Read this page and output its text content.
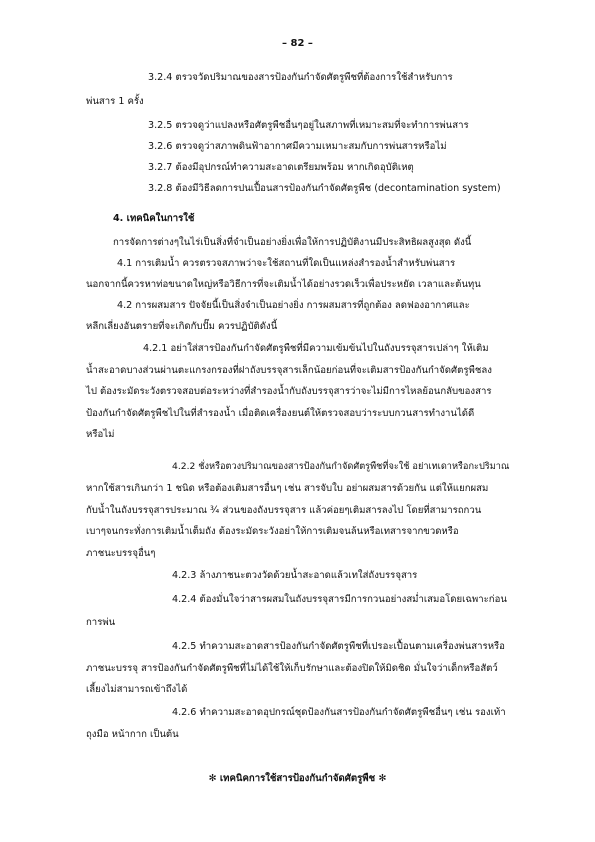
– 82 –
3.2.4 ตรวจวัดปริมาณของสารป้องกันกำจัดศัตรูพืชที่ต้องการใช้สำหรับการ
พ่นสาร 1 ครั้ง
3.2.5 ตรวจดูว่าแปลงหรือศัตรูพืชอื่นๆอยู่ในสภาพที่เหมาะสมที่จะทำการพ่นสาร
3.2.6 ตรวจดูว่าสภาพดินฟ้าอากาศมีความเหมาะสมกับการพ่นสารหรือไม่
3.2.7 ต้องมีอุปกรณ์ทำความสะอาดเตรียมพร้อม หากเกิดอุบัติเหตุ
3.2.8 ต้องมีวิธีลดการปนเปื้อนสารป้องกันกำจัดศัตรูพืช (decontamination system)
4. เทคนิคในการใช้
การจัดการต่างๆในไร่เป็นสิ่งที่จำเป็นอย่างยิ่งเพื่อให้การปฏิบัติงานมีประสิทธิผลสูงสุด ดังนี้
4.1 การเติมน้ำ ควรตรวจสภาพว่าจะใช้สถานที่ใดเป็นแหล่งสำรองน้ำสำหรับพ่นสาร
นอกจากนี้ควรหาท่อขนาดใหญ่หรือวิธีการที่จะเติมน้ำได้อย่างรวดเร็วเพื่อประหยัด เวลาและต้นทุน
4.2 การผสมสาร ปัจจัยนี้เป็นสิ่งจำเป็นอย่างยิ่ง การผสมสารที่ถูกต้อง ลดฟองอากาศและ
หลีกเลี่ยงอันตรายที่จะเกิดกับปั๊ม ควรปฏิบัติดังนี้
4.2.1 อย่าใส่สารป้องกันกำจัดศัตรูพืชที่มีความเข้มข้นไปในถังบรรจุสารเปล่าๆ ให้เติม
น้ำสะอาดบางส่วนผ่านตะแกรงกรองที่ฝาถังบรรจุสารเล็กน้อยก่อนที่จะเติมสารป้องกันกำจัดศัตรูพืชลง
ไป ต้องระมัดระวังตรวจสอบต่อระหว่างที่สำรองน้ำกับถังบรรจุสารว่าจะไม่มีการไหลย้อนกลับของสาร
ป้องกันกำจัดศัตรูพืชไปในที่สำรองน้ำ เมื่อติดเครื่องยนต์ให้ตรวจสอบว่าระบบกวนสารทำงานได้ดี
หรือไม่
4.2.2 ชั่งหรือตวงปริมาณของสารป้องกันกำจัดศัตรูพืชที่จะใช้ อย่าเทเดาหรือกะปริมาณ
หากใช้สารเกินกว่า 1 ชนิด หรือต้องเติมสารอื่นๆ เช่น สารจับใบ อย่าผสมสารด้วยกัน แต่ให้แยกผสม
กับน้ำในถังบรรจุสารประมาณ ¾ ส่วนของถังบรรจุสาร แล้วค่อยๆเติมสารลงไป โดยที่สามารถกวน
เบาๆจนกระทั่งการเติมน้ำเต็มถัง ต้องระมัดระวังอย่าให้การเติมจนล้นหรือเทสารจากขวดหรือ
ภาชนะบรรจุอื่นๆ
4.2.3 ล้างภาชนะตวงวัดด้วยน้ำสะอาดแล้วเทใส่ถังบรรจุสาร
4.2.4 ต้องมั่นใจว่าสารผสมในถังบรรจุสารมีการกวนอย่างสม่ำเสมอโดยเฉพาะก่อน
การพ่น
4.2.5 ทำความสะอาดสารป้องกันกำจัดศัตรูพืชที่เปรอะเปื้อนตามเครื่องพ่นสารหรือ
ภาชนะบรรจุ สารป้องกันกำจัดศัตรูพืชที่ไม่ได้ใช้ให้เก็บรักษาและต้องปิดให้มิดชิด มั่นใจว่าเด็กหรือสัตว์
เลี้ยงไม่สามารถเข้าถึงได้
4.2.6 ทำความสะอาดอุปกรณ์ชุดป้องกันสารป้องกันกำจัดศัตรูพืชอื่นๆ เช่น รองเท้า
ถุงมือ หน้ากาก เป็นต้น
✻ เทคนิคการใช้สารป้องกันกำจัดศัตรูพืช ✻
